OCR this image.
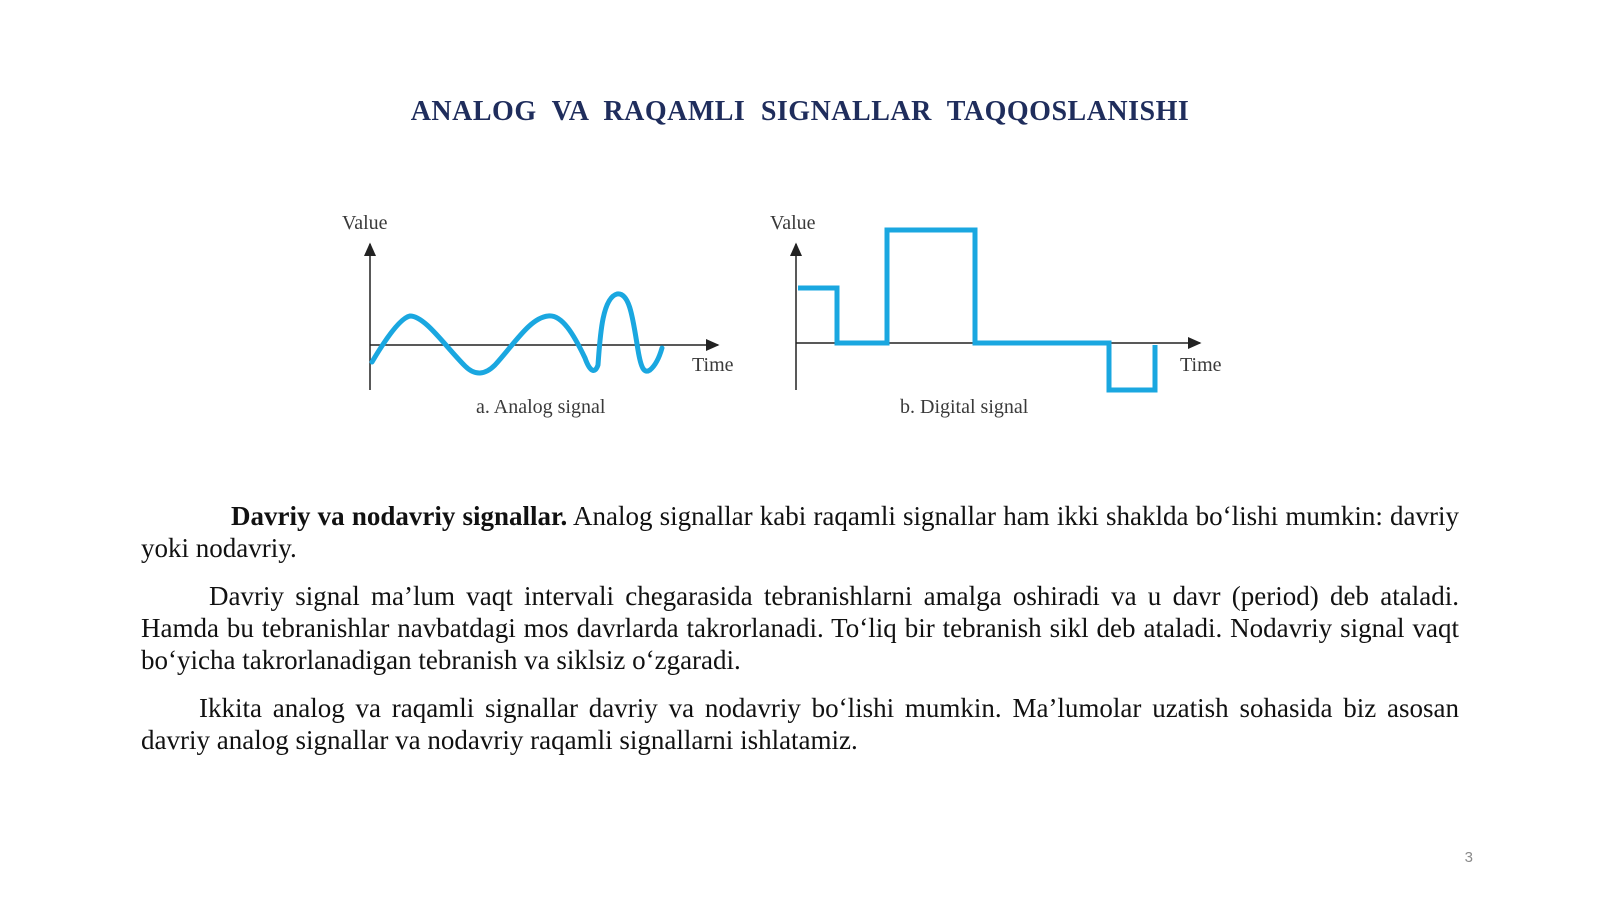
ANALOG VA RAQAMLI SIGNALLAR TAQQOSLANISHI
Value
Time
a. Analog signal
Value
Time
b. Digital signal

Davriy va nodavriy signallar. Analog signallar kabi raqamli signallar ham ikki shaklda bo‘lishi mumkin: davriy yoki nodavriy.

Davriy signal ma’lum vaqt intervali chegarasida tebranishlarni amalga oshiradi va u davr (period) deb ataladi. Hamda bu tebranishlar navbatdagi mos davrlarda takrorlanadi. To‘liq bir tebranish sikl deb ataladi. Nodavriy signal vaqt bo‘yicha takrorlanadigan tebranish va siklsiz o‘zgaradi.

Ikkita analog va raqamli signallar davriy va nodavriy bo‘lishi mumkin. Ma’lumolar uzatish sohasida biz asosan davriy analog signallar va nodavriy raqamli signallarni ishlatamiz.

3
